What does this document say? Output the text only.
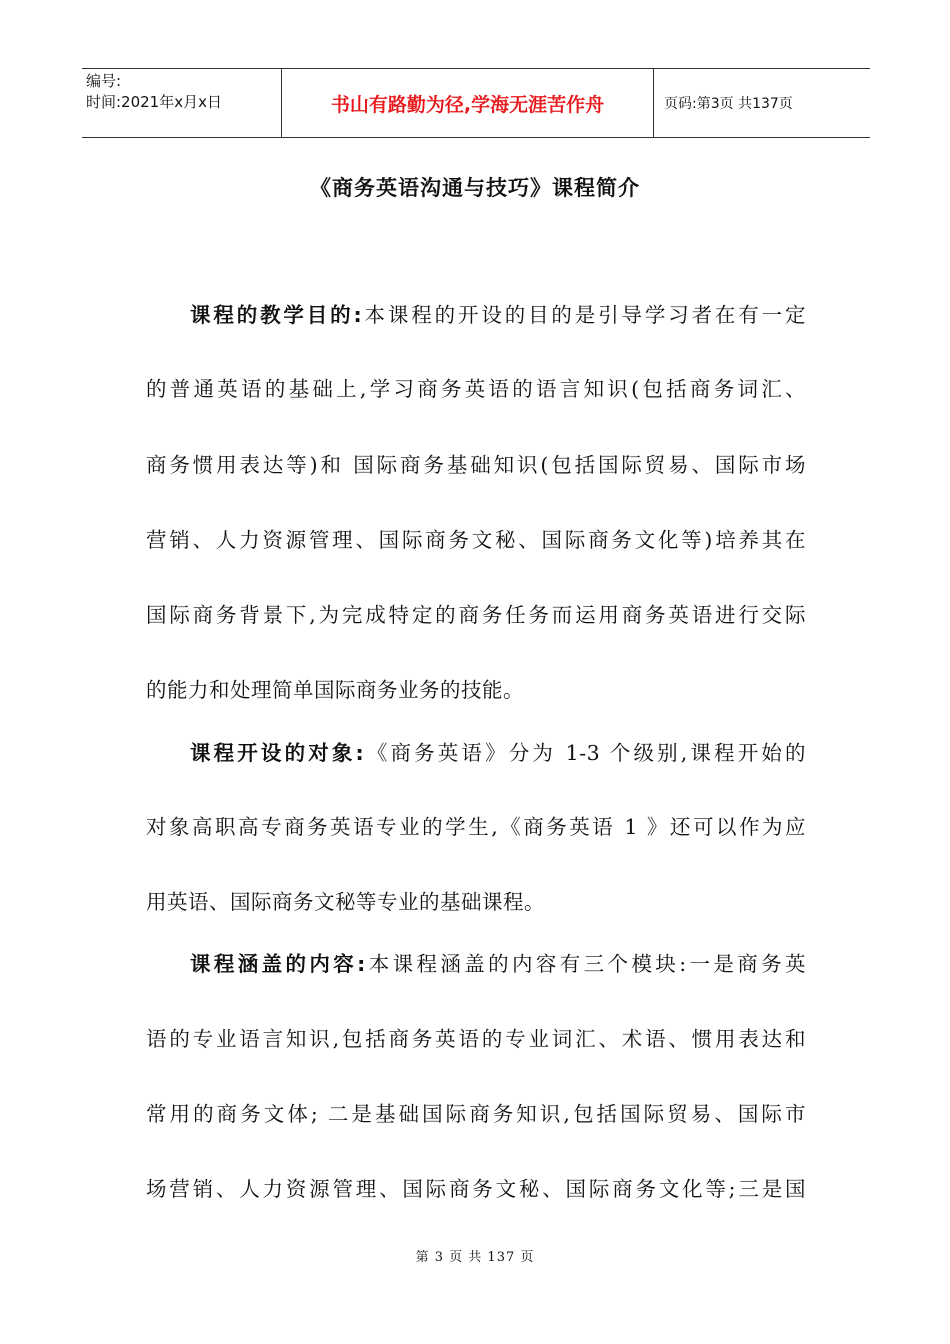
编号:
时间:2021年x月x日	书山有路勤为径,学海无涯苦作舟	页码:第3页 共137页
《商务英语沟通与技巧》课程简介
课程的教学目的:本课程的开设的目的是引导学习者在有一定
的普通英语的基础上,学习商务英语的语言知识(包括商务词汇、
商务惯用表达等)和 国际商务基础知识(包括国际贸易、国际市场
营销、人力资源管理、国际商务文秘、国际商务文化等)培养其在
国际商务背景下,为完成特定的商务任务而运用商务英语进行交际
的能力和处理简单国际商务业务的技能。
课程开设的对象:《商务英语》分为 1-3 个级别,课程开始的
对象高职高专商务英语专业的学生,《商务英语 1 》还可以作为应
用英语、国际商务文秘等专业的基础课程。
课程涵盖的内容:本课程涵盖的内容有三个模块:一是商务英
语的专业语言知识,包括商务英语的专业词汇、术语、惯用表达和
常用的商务文体; 二是基础国际商务知识,包括国际贸易、国际市
场营销、人力资源管理、国际商务文秘、国际商务文化等;三是国
第 3 页 共 137 页
